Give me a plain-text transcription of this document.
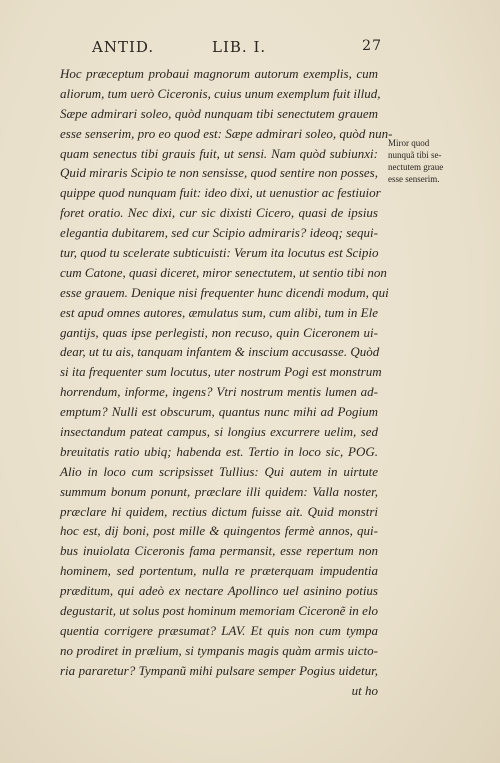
ANTID.	LIB. I.	27
Hoc præceptum probaui magnorum autorum exemplis, cum
aliorum, tum uerò Ciceronis, cuius unum exemplum fuit illud,
Sæpe admirari soleo, quòd nunquam tibi senectutem grauem
esse senserim, pro eo quod est: Sæpe admirari soleo, quòd nun-
quam senectus tibi grauis fuit, ut sensi. Nam quòd subiunxi:
Quid miraris Scipio te non sensisse, quod sentire non posses,
quippe quod nunquam fuit: ideo dixi, ut uenustior ac festiuior
foret oratio. Nec dixi, cur sic dixisti Cicero, quasi de ipsius
elegantia dubitarem, sed cur Scipio admiraris? ideoq; sequi-
tur, quod tu scelerate subticuisti: Verum ita locutus est Scipio
cum Catone, quasi diceret, miror senectutem, ut sentio tibi non
esse grauem. Denique nisi frequenter hunc dicendi modum, qui
est apud omnes autores, æmulatus sum, cum alibi, tum in Ele
gantijs, quas ipse perlegisti, non recuso, quin Ciceronem ui-
dear, ut tu ais, tanquam infantem & inscium accusasse. Quòd
si ita frequenter sum locutus, uter nostrum Pogi est monstrum
horrendum, informe, ingens? Vtri nostrum mentis lumen ad-
emptum? Nulli est obscurum, quantus nunc mihi ad Pogium
insectandum pateat campus, si longius excurrere uelim, sed
breuitatis ratio ubiq; habenda est. Tertio in loco sic, POG.
Alio in loco cum scripsisset Tullius: Qui autem in uirtute
summum bonum ponunt, præclare illi quidem: Valla noster,
præclare hi quidem, rectius dictum fuisse ait. Quid monstri
hoc est, dij boni, post mille & quingentos fermè annos, qui-
bus inuiolata Ciceronis fama permansit, esse repertum non
hominem, sed portentum, nulla re præterquam impudentia
præditum, qui adeò ex nectare Apollinco uel asinino potius
degustarit, ut solus post hominum memoriam Ciceronẽ in elo
quentia corrigere præsumat? LAV. Et quis non cum tympa
no prodiret in prælium, si tympanis magis quàm armis uicto-
ria pararetur? Tympanũ mihi pulsare semper Pogius uidetur,
ut ho
Miror quod
nunquã tibi se-
nectutem graue
esse senserim.
